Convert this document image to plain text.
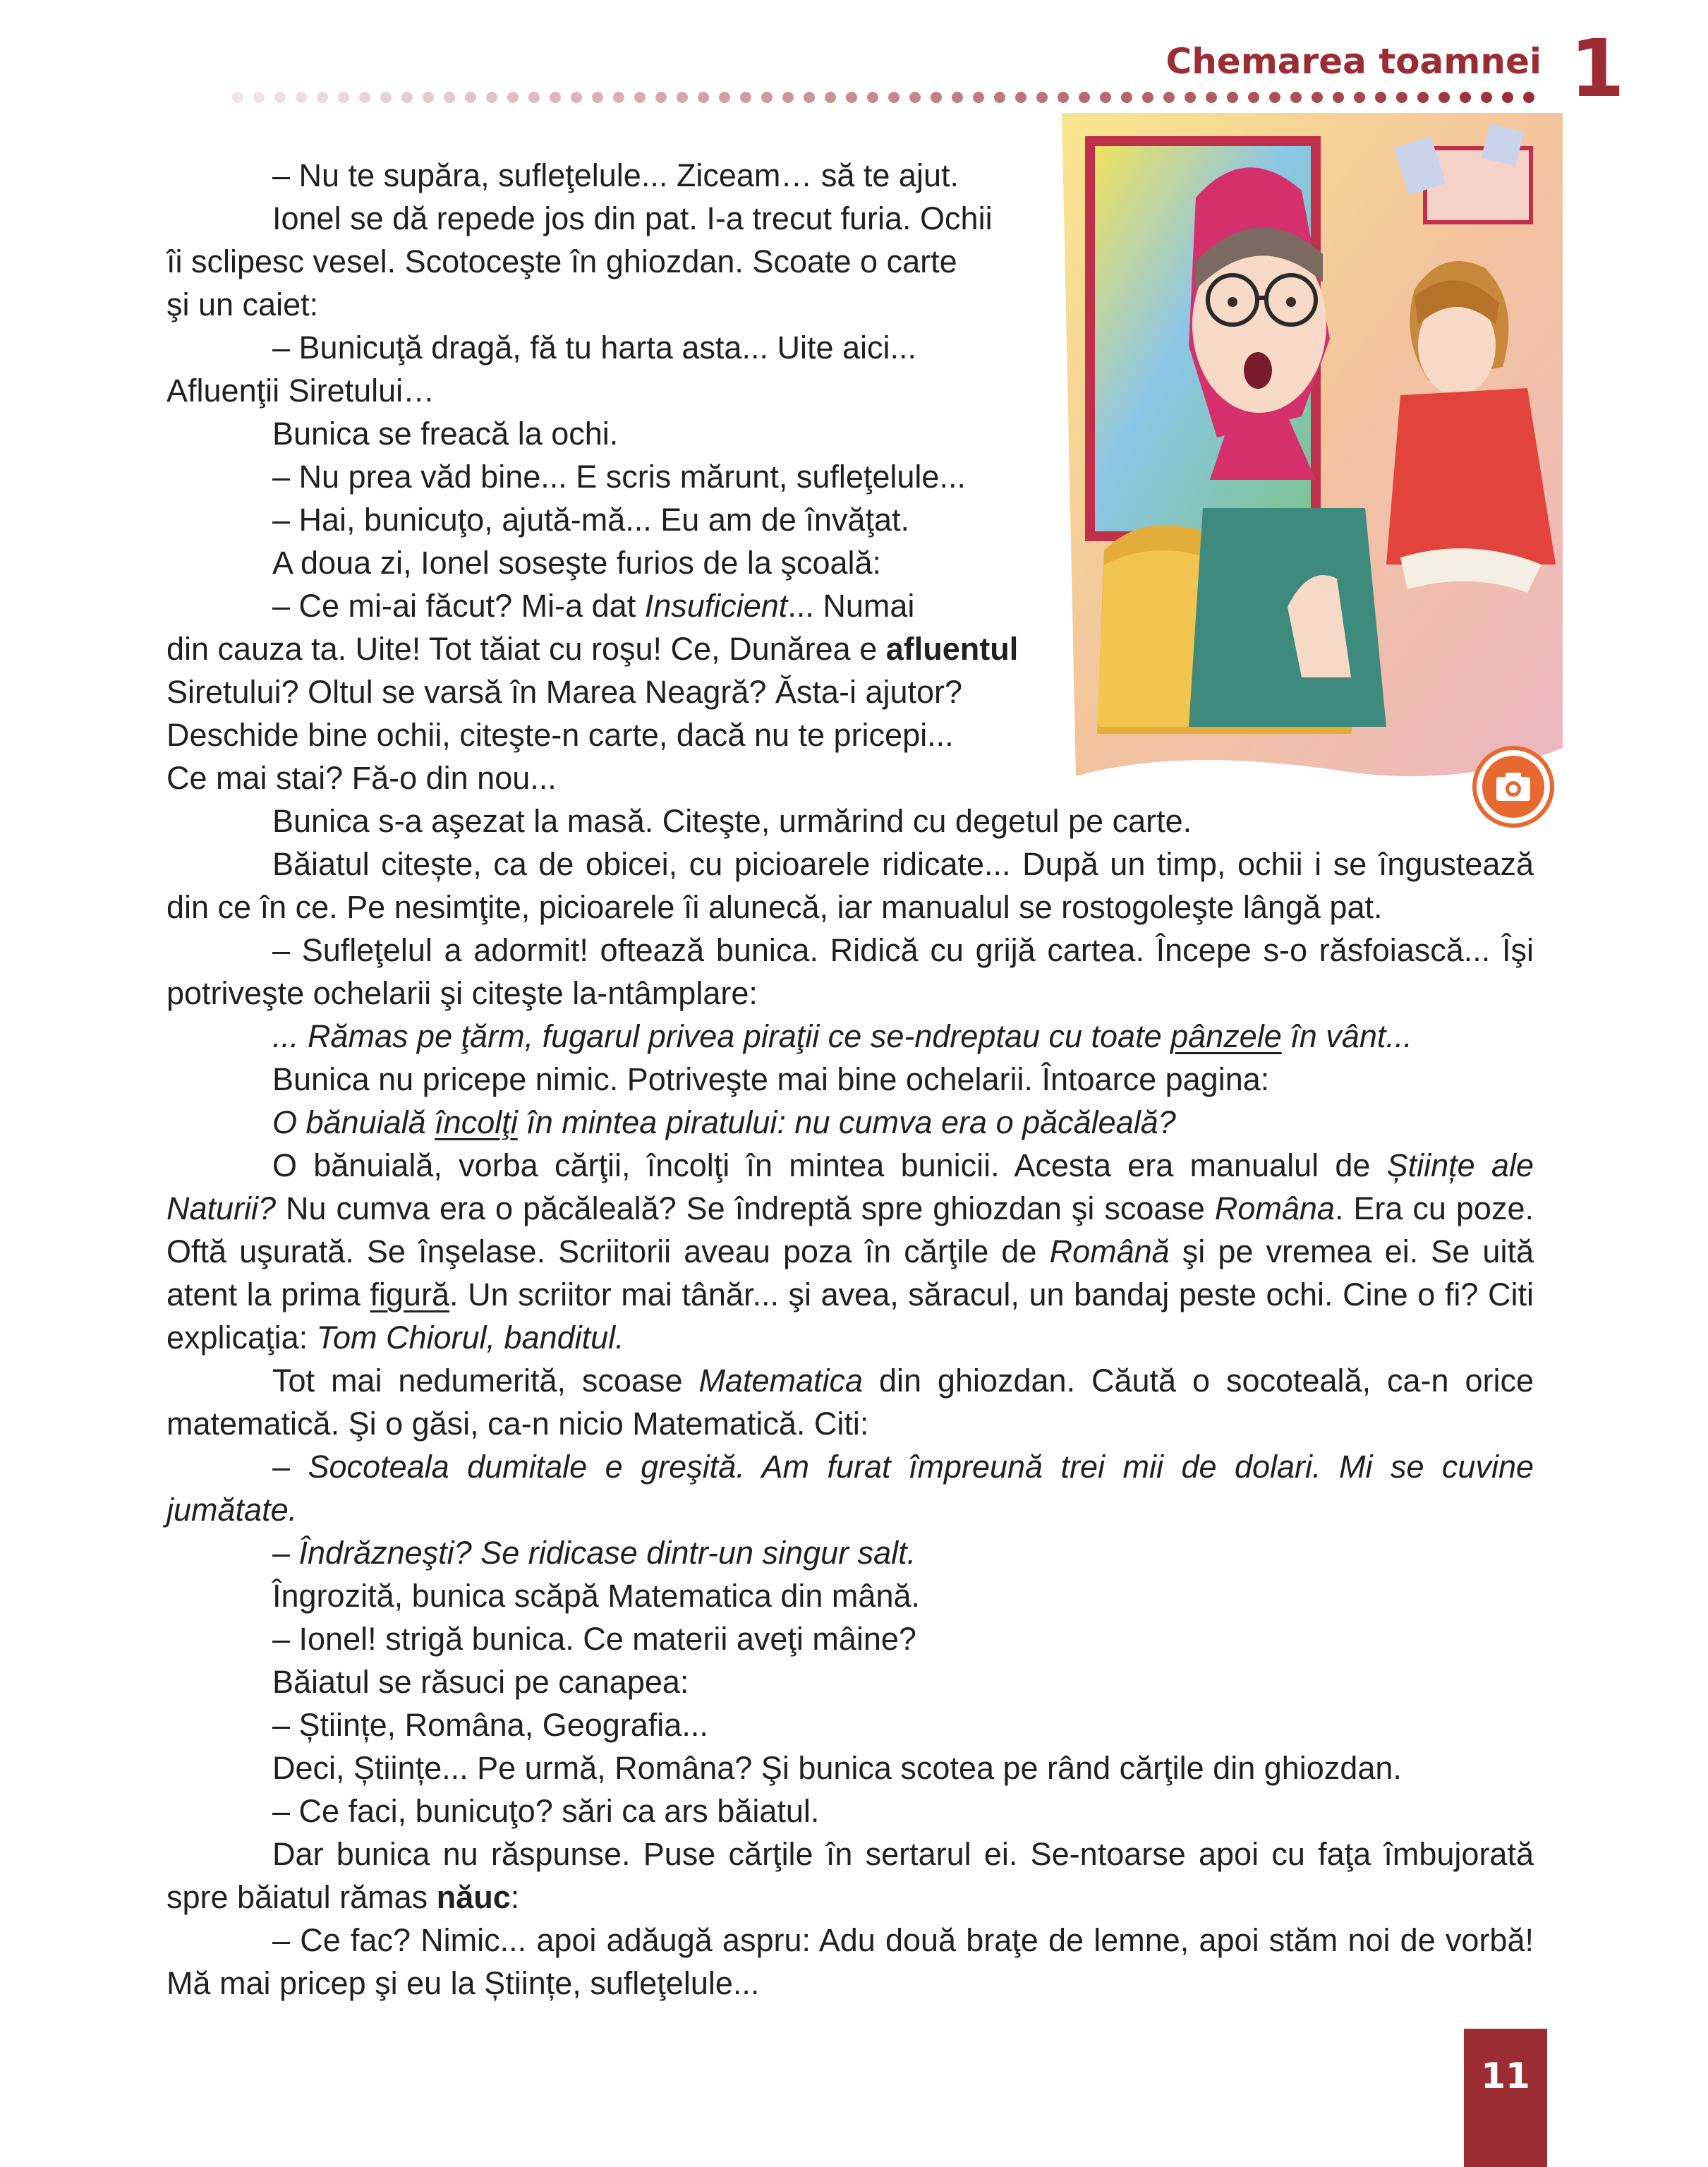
Chemarea toamnei 1

– Nu te supăra, sufleţelule... Ziceam… să te ajut.

Ionel se dă repede jos din pat. I-a trecut furia. Ochii

îi sclipesc vesel. Scotoceşte în ghiozdan. Scoate o carte

şi un caiet:

– Bunicuţă dragă, fă tu harta asta... Uite aici...

Afluenţii Siretului…

Bunica se freacă la ochi.

– Nu prea văd bine... E scris mărunt, sufleţelule...

– Hai, bunicuţo, ajută-mă... Eu am de învăţat.

A doua zi, Ionel soseşte furios de la şcoală:

– Ce mi-ai făcut? Mi-a dat Insuficient... Numai

din cauza ta. Uite! Tot tăiat cu roşu! Ce, Dunărea e afluentul

Siretului? Oltul se varsă în Marea Neagră? Ăsta-i ajutor?

Deschide bine ochii, citeşte-n carte, dacă nu te pricepi...

Ce mai stai? Fă-o din nou...

Bunica s-a aşezat la masă. Citeşte, urmărind cu degetul pe carte.

Băiatul citește, ca de obicei, cu picioarele ridicate... După un timp, ochii i se îngustează din ce în ce. Pe nesimţite, picioarele îi alunecă, iar manualul se rostogoleşte lângă pat.

– Sufleţelul a adormit! oftează bunica. Ridică cu grijă cartea. Începe s-o răsfoiască... Îşi potriveşte ochelarii şi citeşte la-ntâmplare:

... Rămas pe ţărm, fugarul privea piraţii ce se-ndreptau cu toate pânzele în vânt...

Bunica nu pricepe nimic. Potriveşte mai bine ochelarii. Întoarce pagina:

O bănuială încolţi în mintea piratului: nu cumva era o păcăleală?

O bănuială, vorba cărţii, încolţi în mintea bunicii. Acesta era manualul de Științe ale Naturii? Nu cumva era o păcăleală? Se îndreptă spre ghiozdan şi scoase Româna. Era cu poze. Oftă uşurată. Se înşelase. Scriitorii aveau poza în cărţile de Română şi pe vremea ei. Se uită atent la prima figură. Un scriitor mai tânăr... şi avea, săracul, un bandaj peste ochi. Cine o fi? Citi explicaţia: Tom Chiorul, banditul.

Tot mai nedumerită, scoase Matematica din ghiozdan. Căută o socoteală, ca-n orice matematică. Şi o găsi, ca-n nicio Matematică. Citi:

– Socoteala dumitale e greşită. Am furat împreună trei mii de dolari. Mi se cuvine jumătate.

– Îndrăzneşti? Se ridicase dintr-un singur salt.

Îngrozită, bunica scăpă Matematica din mână.

– Ionel! strigă bunica. Ce materii aveţi mâine?

Băiatul se răsuci pe canapea:

– Științe, Româna, Geografia...

Deci, Științe... Pe urmă, Româna? Şi bunica scotea pe rând cărţile din ghiozdan.

– Ce faci, bunicuţo? sări ca ars băiatul.

Dar bunica nu răspunse. Puse cărţile în sertarul ei. Se-ntoarse apoi cu faţa îmbujorată spre băiatul rămas năuc:

– Ce fac? Nimic... apoi adăugă aspru: Adu două braţe de lemne, apoi stăm noi de vorbă! Mă mai pricep şi eu la Științe, sufleţelule...

11
